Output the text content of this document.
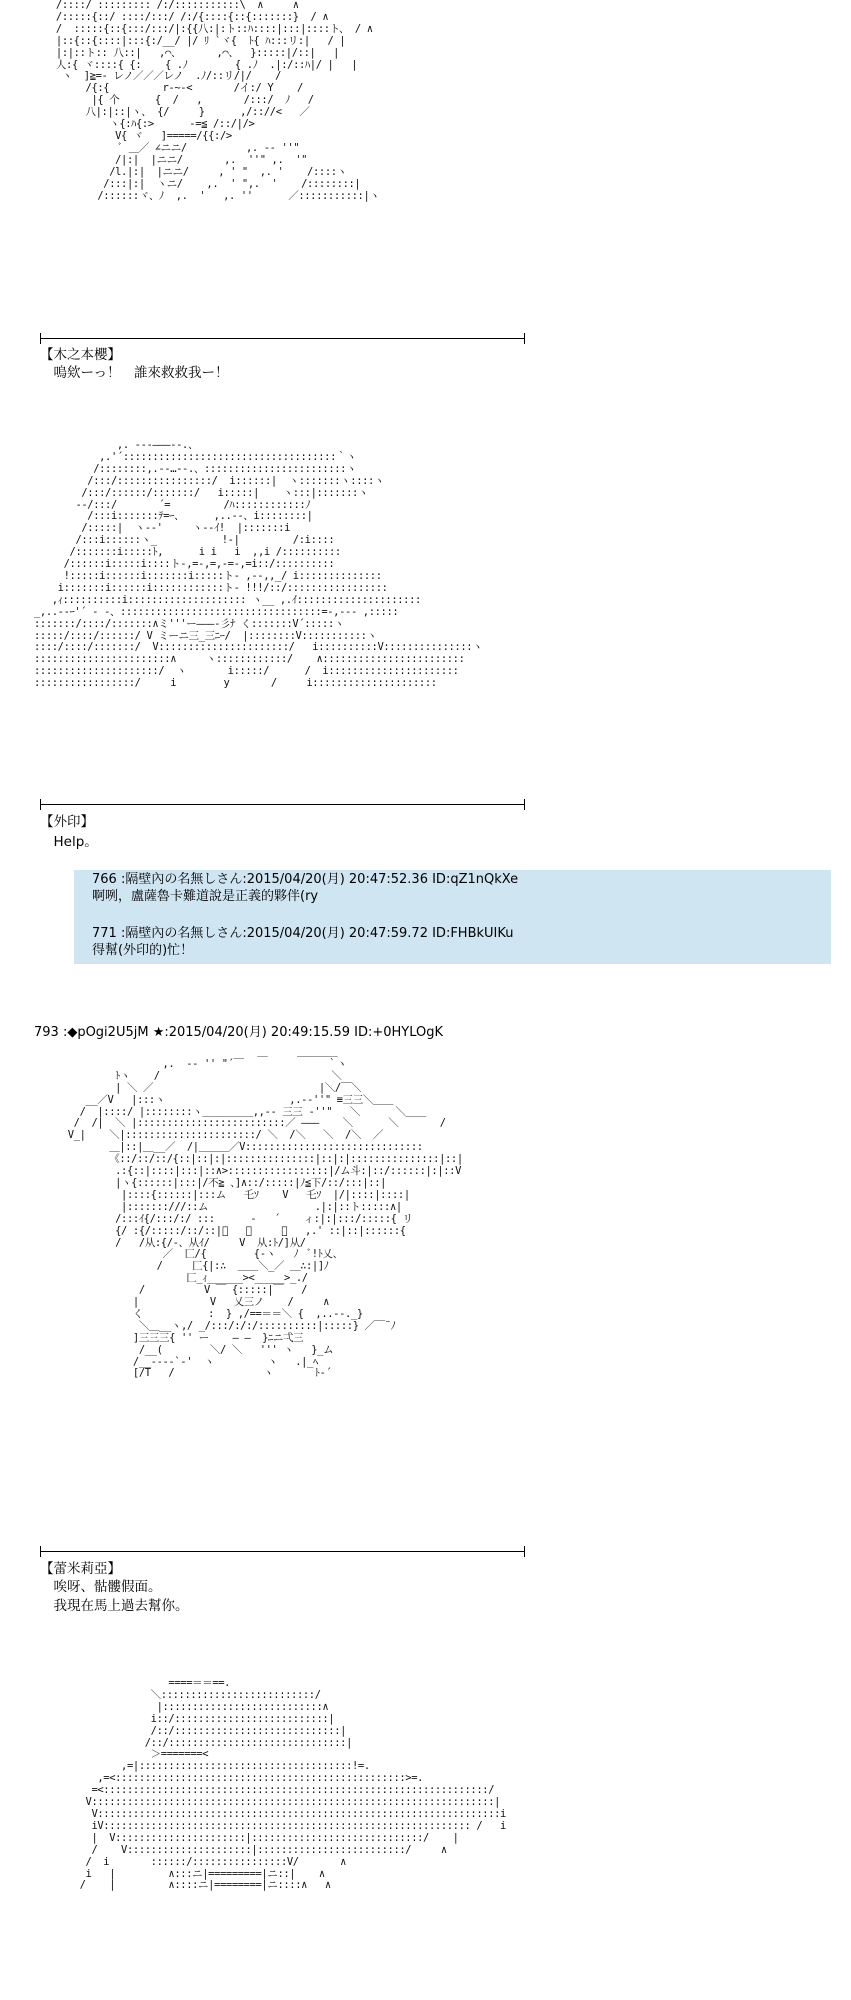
/::::/ ::::::::: /:/:::::::::::\  ∧     ∧
/:::::{::/ ::::/:::/ /:/{::::{::{:::::::}  / ∧
/  :::::{::{:::/:::/|:{{八:|:ト::ﾊ::::|:::|::::ト、 / ∧
|::{::{::::|:::{:/__/ |/ ﾘ `ヾ{  ﾄ{ ﾊ:::リ:|   / |
|:|::ト:: 八::|   ,⌒、      ,⌒、  }:::::|/::|   |
人:{ ヾ::::{ {:    { .ﾉ        { .ﾉ  .|:/::ﾊ|/ |   |
ヽ  ]≧=- レノ／／／レノ  .ﾉ/::リ/|/    /
/{:{         r‐~‐<       /イ:/ Y    /
|{ 个      {  /   ,       /:::/  ﾉ   /
八|:|::|ヽ、 {/     }      ,/:://<   ／
ヽ{:ﾊ{:>      -=≦ /::/|/>
V{ ヾ   ]=====/{{:/>
ﾞ ＿／ ∠ニニ/          ,. -‐ ''"
/|:|  |ニニ/       ,.  ''" ,.  '"
/l.|:|  |ニニ/     , ' "  ,. '    /::::ヽ
/:::|:|  ヽニ/    ,.  ' ",.  '    /::::::::|
/::::::ヾ、ﾉ  ,.  '   ,. ''      ／:::::::::::|ヽ
【木之本櫻】
　嗚欸ーっ！　誰來救救我ー！
,. ---―――‐-.、
,.'´::::::::::::::::::::::::::::::::::::｀ヽ
/::::::::,.-‐…‐-.、::::::::::::::::::::::::ヽ
/:::/::::::::::::::::/  i::::::|  ヽ:::::::ヽ::::ヽ
/:::/::::::/:::::::/   i:::::|    ヽ:::|:::::::ヽ
--/:::/       ´=         /ﾊ::::::::::::ﾉ
/:::i:::::::ﾃ=ｰ、     ,..--、i::::::::|
/:::::|  ヽ‐-'     ヽ‐-ｲ!  |:::::::i
/:::i::::::ヽ_           !-|         /:i::::
/:::::::i:::::ﾄ,      i i   i  ,,i /::::::::::
/::::::i:::::i::::ト-,=-,=,-=-,=i::/::::::::::
!:::::i::::::i:::::::i:::::ト- ,--,,_/ i::::::::::::::
i:::::::i::::::i::::::::::::ト- !!!/::/:::::::::::::::::
,ｨ::::::::::i:::::::::::::::::::: ヽ__ ,.ｲ:::::::::::::::::::::
_,..--ｰ'´ ‐ -、::::::::::::::::::::::::::::::::::=-,--- ,:::::
:::::::/::::/:::::::∧ミ'''ー―――-彡ﾅ く:::::::V´:::::ヽ
:::::/::::/::::::/ V ミーニ三_三ﾆｰ/  |::::::::V:::::::::::ヽ
::::/::::/:::::::/  V::::::::::::::::::::::/   i::::::::::V:::::::::::::::ヽ
:::::::::::::::::::::::∧     ヽ::::::::::::/    ∧::::::::::::::::::::::::
:::::::::::::::::::::/  ヽ       i:::::/      /  i::::::::::::::::::::::
:::::::::::::::::/     i        y       /     i:::::::::::::::::::::
【外印】
　Help。
766 :隔壁內の名無しさん:2015/04/20(月) 20:47:52.36 ID:qZ1nQkXe
啊咧，盧薩魯卡難道說是正義的夥伴(ry
771 :隔壁內の名無しさん:2015/04/20(月) 20:47:59.72 ID:FHBkUIKu
得幫(外印的)忙！
793 :◆pOgi2U5jM ★:2015/04/20(月) 20:49:15.59 ID:+0HYLOgK
＿     ＿＿＿＿
,.  -‐ '' "´￣              ｀ヽ
ﾄヽ    /                             ＼
| ＼ ／                            |＼/￣＼
__／V   |:::ヽ                     ,.-‐''" ≡三三＼＿＿
/  |::::/ |::::::::ヽ＿＿＿＿＿,,-‐ 三三 ‐''"   ＼      ＼＿＿
/  /|  ＼ |:::::::::::::::::::::::::／ ―――    ＼      ＼       /
V_|    ＼|::::::::::::::::::::::/ ＼  /＼   ＼  /＼  ／
＿|::|＿__／  /|＿＿＿／V::::::::::::::::::::::::::::::
《::/::/::/{::|::|:|:::::::::::::::|::|:|:::::::::::::::|::|
.:{::|::::|:::|::∧>:::::::::::::::::|/ム斗:|::/::::::|:|::V
|ヽ{::::::|:::|/不≧ 、]∧::/:::::|ﾉ≦下/::/:::|::|
|::::{::::::|:::ム   乇ｿ    V   乇ｿ  |/|::::|::::|
|:::::::///::ム                  .|:|::ト:::::∧|
/:::ｲ{/:::/:/ :::      -   ´    ィ:|:|:::/:::::{ リ
{/ :{/:::::/::/::|ﾟ   ￣     ー   ,.' ::|::|::::::{
/   /从:{/‐、从ｲ/     V  从:ﾄ/]从/
／  匚/{        {‐ヽ   ﾉ  ﾞ!ﾄ乂、
/     匚{|:∴  ＿＿＼_／ ＿∴:|]ﾉ
匚_ｨ______><_____>_./
/          V ￣ {:::::|￣   /
|            V   乂三ノ    /     ∧
く           :  } ,/==＝＝＼ {  ,..--._}
＼＿__ヽ,/ _/:::/:/:/::::::::::|:::::} ／￣¨ﾉ
]三三三{ '' ー    ― ―  }ﾆニ弌三
/__(        ＼/ ＼   ''' ヽ   }_ム
/__--‐-`-'  ヽ         ヽ   .|_ﾍ
[/T   /               ヽ       ﾄ-´
【蕾米莉亞】
　唉呀、骷髏假面。
　我現在馬上過去幫你。
====＝＝==.
＼::::::::::::::::::::::::::/
|:::::::::::::::::::::::::::∧
i::/::::::::::::::::::::::::::|
/::/::::::::::::::::::::::::::::|
/::/::::::::::::::::::::::::::::::|
＞=======<
,=|::::::::::::::::::::::::::::::::::::!=.
,=<:::::::::::::::::::::::::::::::::::::::::::::::::>=.
=<:::::::::::::::::::::::::::::::::::::::::::::::::::::::::::::::::/
V::::::::::::::::::::::::::::::::::::::::::::::::::::::::::::::::::::|
V::::::::::::::::::::::::::::::::::::::::::::::::::::::::::::::::::::i
iV:::::::::::::::::::::::::::::::::::::::::::::::::::::::::::::: /   i
|  V::::::::::::::::::::::|:::::::::::::::::::::::::::::/    |
/    V:::::::::::::::::::::|:::::::::::::::::::::::::/     ∧
/  i       ::::::/::::::::::::::::V/       ∧
i   |         ∧:::ニ|=========|ニ::|    ∧
/    |         ∧::::ニ|========|ニ::::∧   ∧
